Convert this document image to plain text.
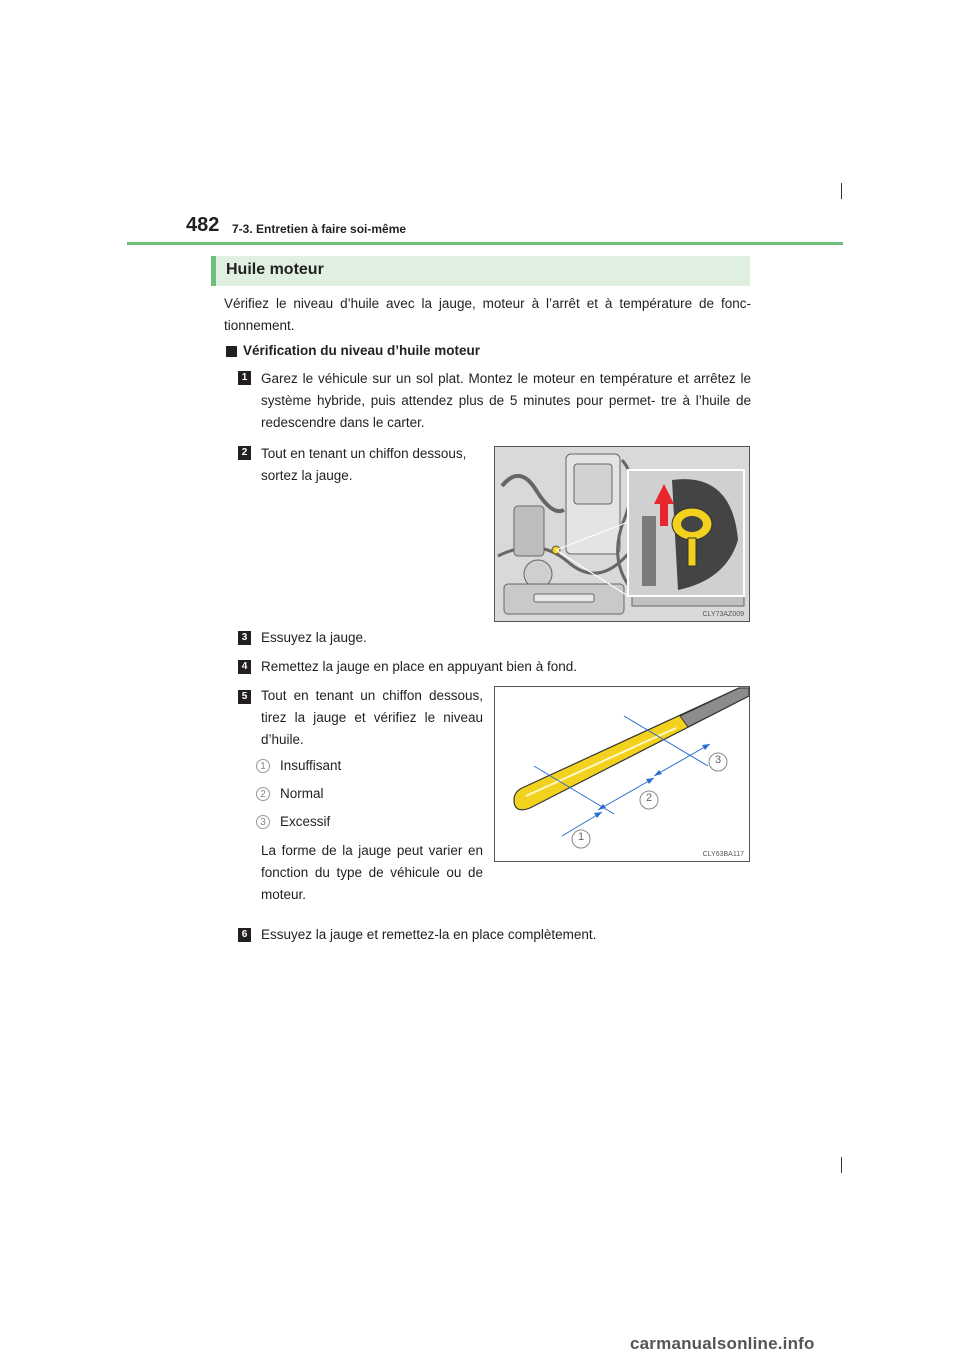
482 7-3. Entretien à faire soi-même
Huile moteur
Vérifiez le niveau d’huile avec la jauge, moteur à l’arrêt et à température de fonc- tionnement.
Vérification du niveau d’huile moteur
1 Garez le véhicule sur un sol plat. Montez le moteur en température et arrêtez le système hybride, puis attendez plus de 5 minutes pour permet- tre à l’huile de redescendre dans le carter.
2 Tout en tenant un chiffon dessous, sortez la jauge.
CLY73AZ009
3 Essuyez la jauge.
4 Remettez la jauge en place en appuyant bien à fond.
5 Tout en tenant un chiffon dessous, tirez la jauge et vérifiez le niveau d’huile.
1	Insuffisant
2	Normal
3	Excessif
La forme de la jauge peut varier en fonction du type de véhicule ou de moteur.
1
2
3
CLY63BA117
6 Essuyez la jauge et remettez-la en place complètement.
carmanualsonline.info
